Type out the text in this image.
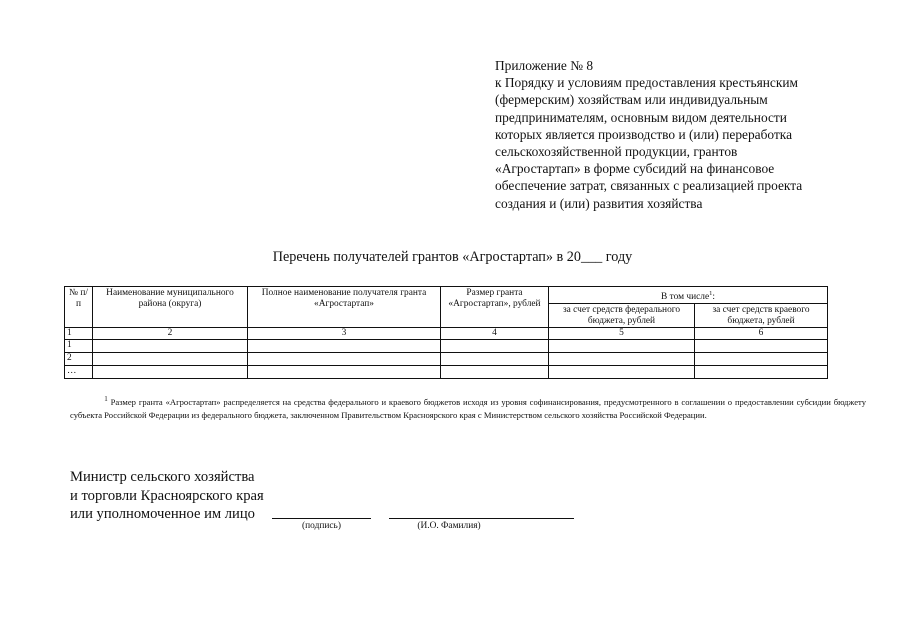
Приложение № 8
к Порядку и условиям предоставления крестьянским
(фермерским) хозяйствам или индивидуальным
предпринимателям, основным видом деятельности
которых является производство и (или) переработка
сельскохозяйственной продукции, грантов
«Агростартап» в форме субсидий на финансовое
обеспечение затрат, связанных с реализацией проекта
создания и (или) развития хозяйства
Перечень получателей грантов «Агростартап» в 20___ году
№ п/п	Наименование муниципального района (округа)	Полное наименование получателя гранта «Агростартап»	Размер гранта «Агростартап», рублей	В том числе$^1$:	
				за счет средств федерального бюджета, рублей	за счет средств краевого бюджета, рублей
1	2	3	4	5	6
1					
2					
…					
$^1$ Размер гранта «Агростартап» распределяется на средства федерального и краевого бюджетов исходя из уровня софинансирования, предусмотренного в соглашении о предоставлении субсидии бюджету субъекта Российской Федерации из федерального бюджета, заключенном Правительством Красноярского края с Министерством сельского хозяйства Российской Федерации.
Министр сельского хозяйства
и торговли Красноярского края
или уполномоченное им лицо
(подпись)	(И.О. Фамилия)
